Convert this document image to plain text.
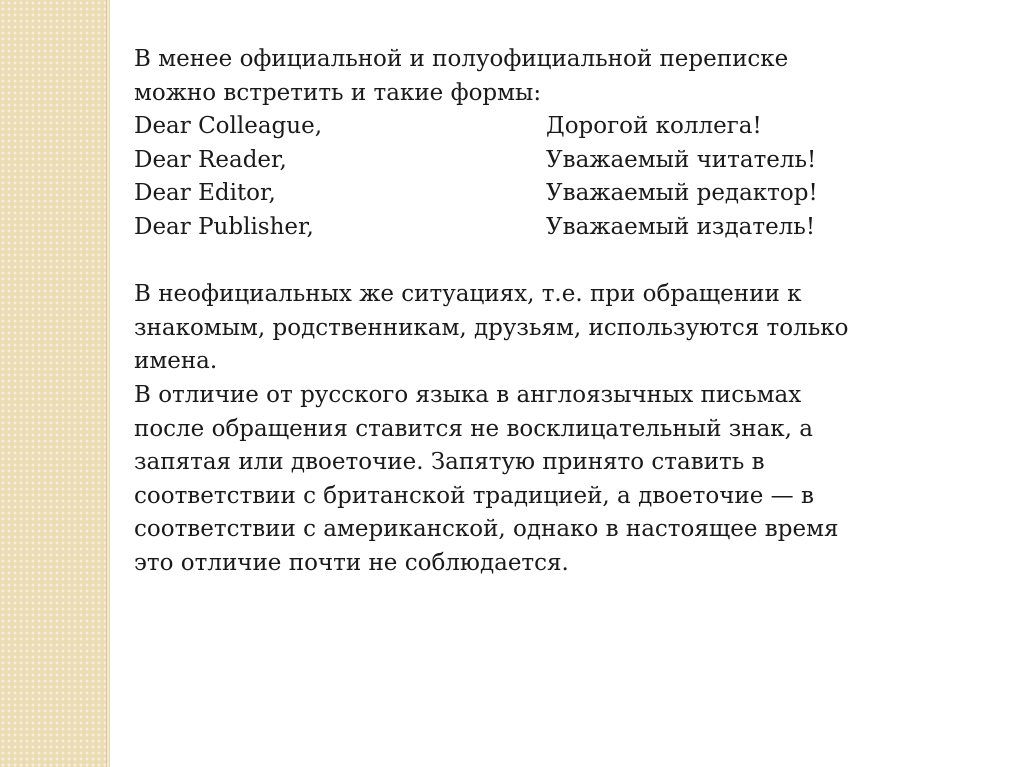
В менее официальной и полуофициальной переписке

можно встретить и такие формы:

Dear Colleague,	Дорогой коллега!
Dear Reader,	Уважаемый читатель!
Dear Editor,	Уважаемый редактор!
Dear Publisher,	Уважаемый издатель!

В неофициальных же ситуациях, т.е. при обращении к

знакомым, родственникам, друзьям, используются только

имена.

В отличие от русского языка в англоязычных письмах

после обращения ставится не восклицательный знак, а

запятая или двоеточие. Запятую принято ставить в

соответствии с британской традицией, а двоеточие — в

соответствии с американской, однако в настоящее время

это отличие почти не соблюдается.
